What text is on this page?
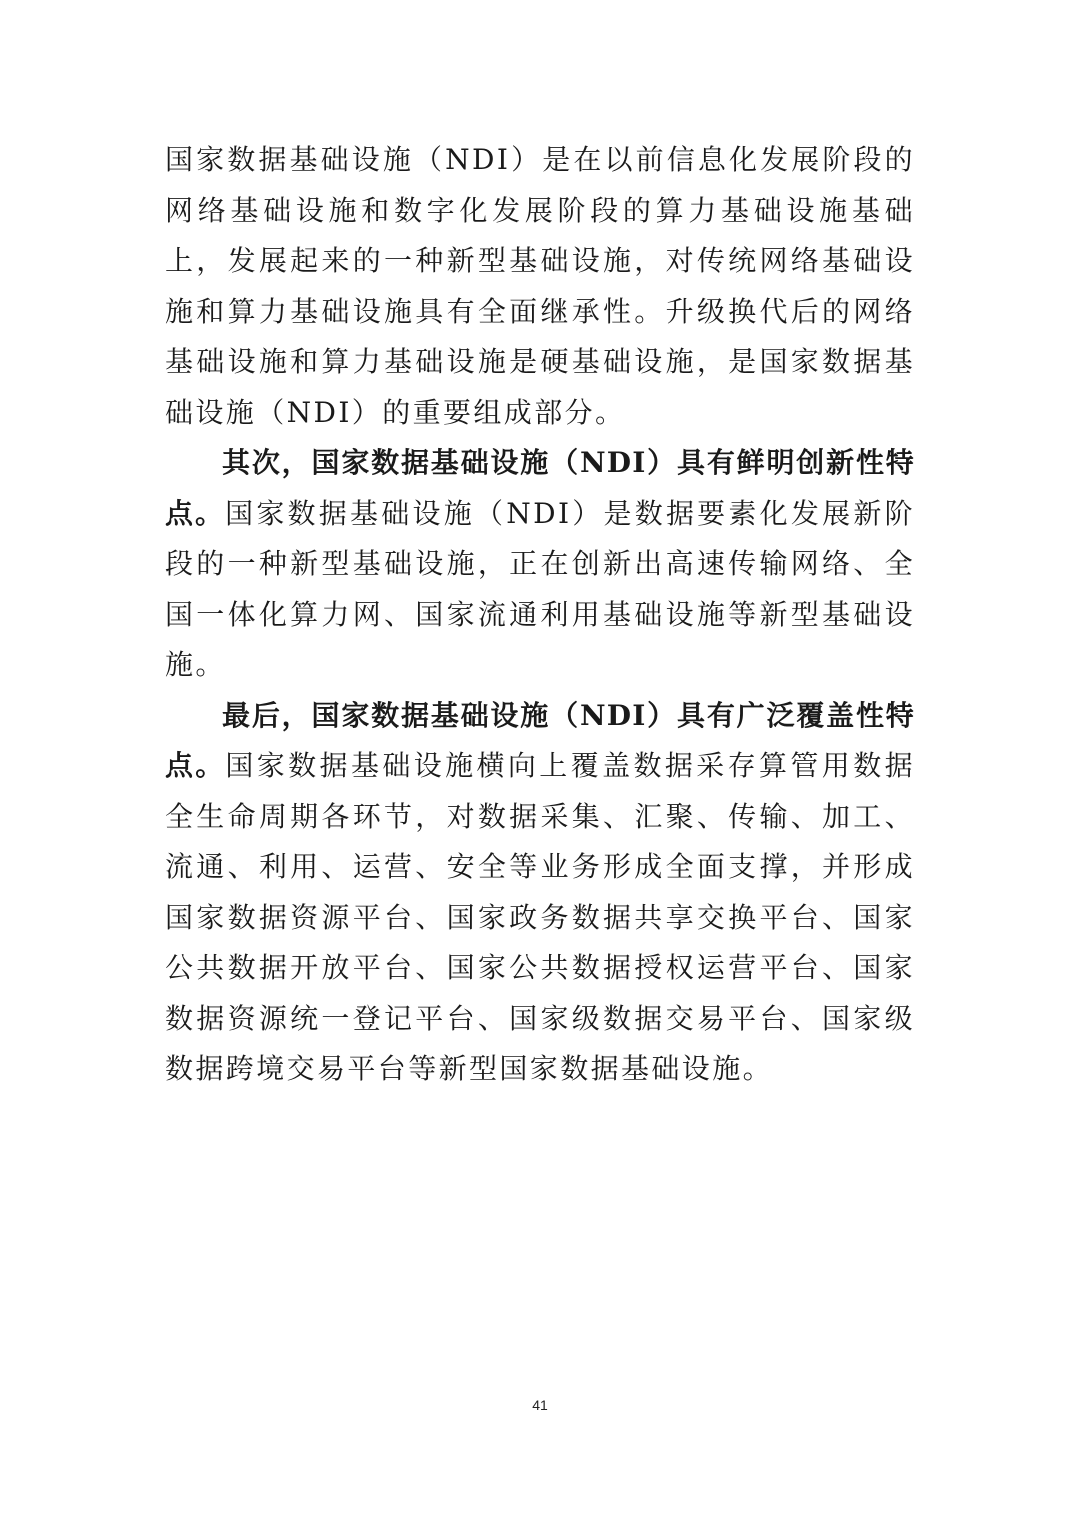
国家数据基础设施（NDI）是在以前信息化发展阶段的网络基础设施和数字化发展阶段的算力基础设施基础上，发展起来的一种新型基础设施，对传统网络基础设施和算力基础设施具有全面继承性。升级换代后的网络基础设施和算力基础设施是硬基础设施，是国家数据基础设施（NDI）的重要组成部分。

其次，国家数据基础设施（NDI）具有鲜明创新性特点。国家数据基础设施（NDI）是数据要素化发展新阶段的一种新型基础设施，正在创新出高速传输网络、全国一体化算力网、国家流通利用基础设施等新型基础设施。

最后，国家数据基础设施（NDI）具有广泛覆盖性特点。国家数据基础设施横向上覆盖数据采存算管用数据全生命周期各环节，对数据采集、汇聚、传输、加工、流通、利用、运营、安全等业务形成全面支撑，并形成国家数据资源平台、国家政务数据共享交换平台、国家公共数据开放平台、国家公共数据授权运营平台、国家数据资源统一登记平台、国家级数据交易平台、国家级数据跨境交易平台等新型国家数据基础设施。

41
